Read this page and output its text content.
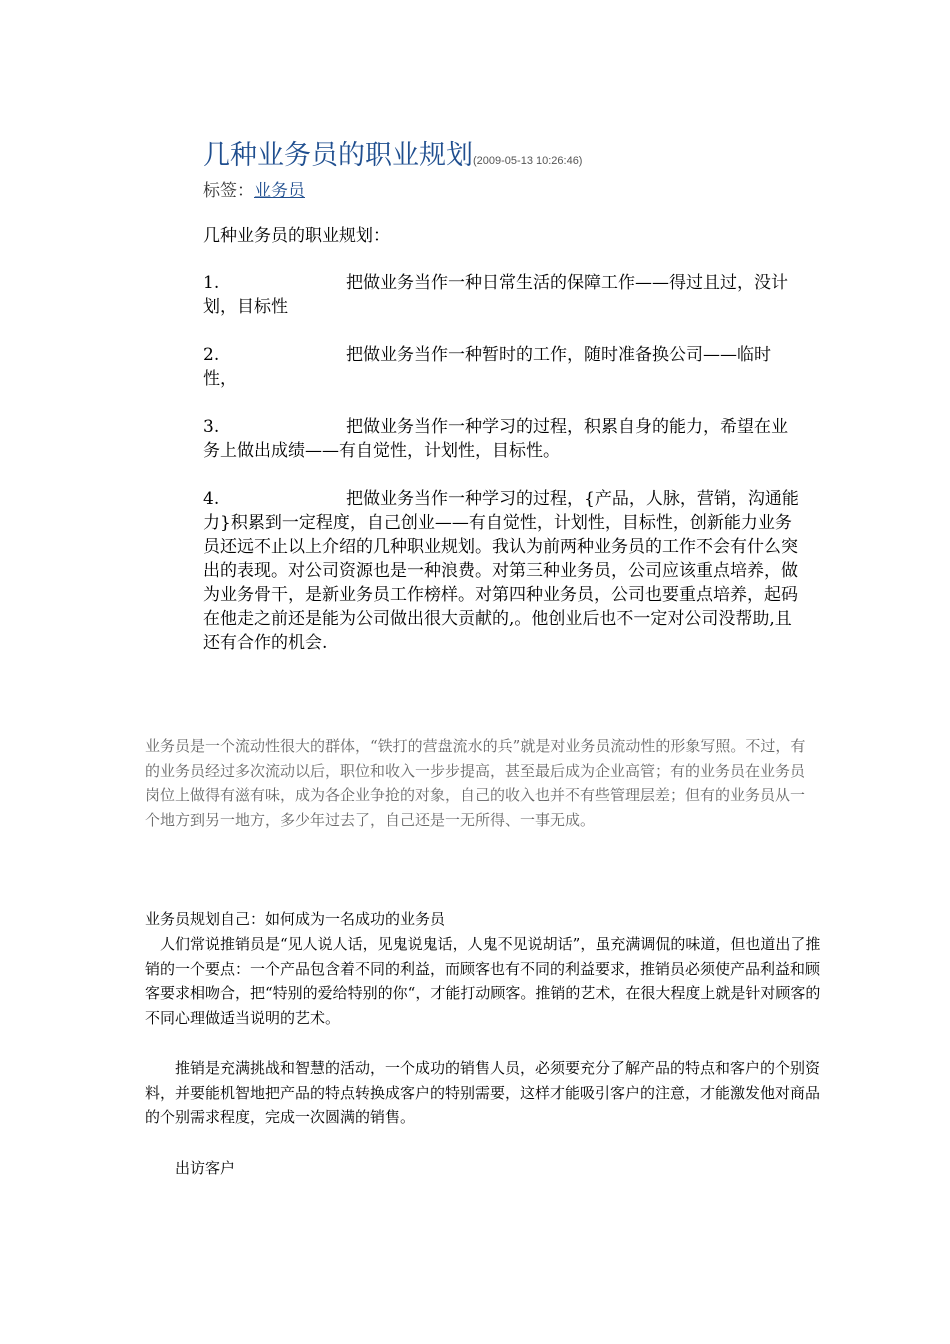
几种业务员的职业规划(2009-05-13 10:26:46)
标签：业务员
几种业务员的职业规划：
1.	把做业务当作一种日常生活的保障工作——得过且过，没计划，目标性
2.	把做业务当作一种暂时的工作，随时准备换公司——临时性，
3.	把做业务当作一种学习的过程，积累自身的能力，希望在业务上做出成绩——有自觉性，计划性，目标性。
4.	把做业务当作一种学习的过程，{产品，人脉，营销，沟通能力}积累到一定程度，自己创业——有自觉性，计划性，目标性，创新能力业务员还远不止以上介绍的几种职业规划。我认为前两种业务员的工作不会有什么突出的表现。对公司资源也是一种浪费。对第三种业务员，公司应该重点培养，做为业务骨干，是新业务员工作榜样。对第四种业务员，公司也要重点培养，起码在他走之前还是能为公司做出很大贡献的,。他创业后也不一定对公司没帮助,且还有合作的机会.
业务员是一个流动性很大的群体，“铁打的营盘流水的兵”就是对业务员流动性的形象写照。不过，有的业务员经过多次流动以后，职位和收入一步步提高，甚至最后成为企业高管；有的业务员在业务员岗位上做得有滋有味，成为各企业争抢的对象，自己的收入也并不有些管理层差；但有的业务员从一个地方到另一地方，多少年过去了，自己还是一无所得、一事无成。
业务员规划自己：如何成为一名成功的业务员
人们常说推销员是“见人说人话，见鬼说鬼话，人鬼不见说胡话”，虽充满调侃的味道，但也道出了推销的一个要点：一个产品包含着不同的利益，而顾客也有不同的利益要求，推销员必须使产品利益和顾客要求相吻合，把“特别的爱给特别的你“，才能打动顾客。推销的艺术，在很大程度上就是针对顾客的不同心理做适当说明的艺术。
推销是充满挑战和智慧的活动，一个成功的销售人员，必须要充分了解产品的特点和客户的个别资料，并要能机智地把产品的特点转换成客户的特别需要，这样才能吸引客户的注意，才能激发他对商品的个别需求程度，完成一次圆满的销售。
出访客户
